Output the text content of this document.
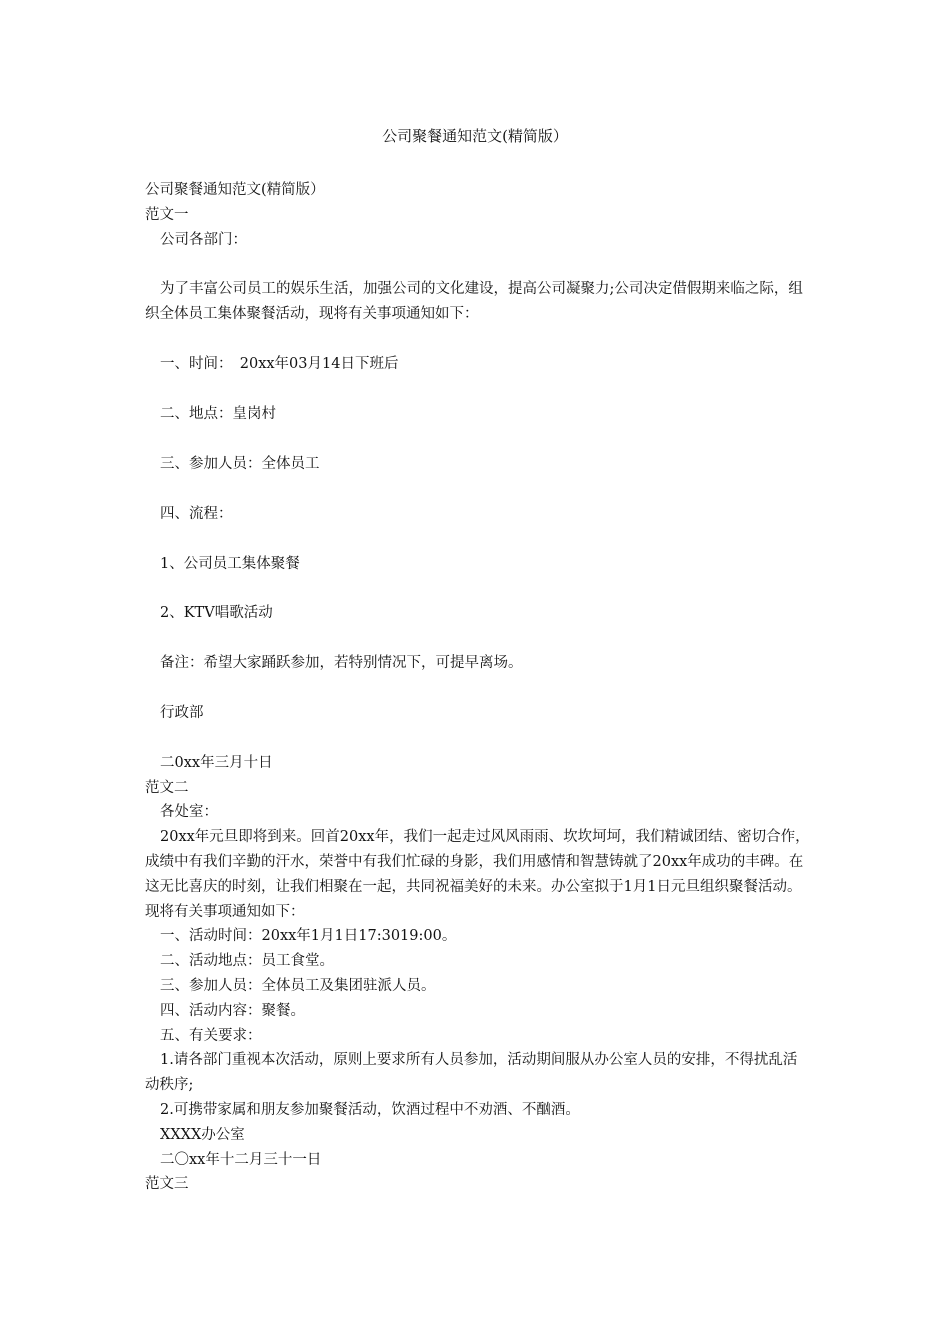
公司聚餐通知范文(精简版）
公司聚餐通知范文(精简版）
范文一
公司各部门：
为了丰富公司员工的娱乐生活，加强公司的文化建设，提高公司凝聚力;公司决定借假期来临之际，组织全体员工集体聚餐活动，现将有关事项通知如下：
一、时间：　20xx年03月14日下班后
二、地点：皇岗村
三、参加人员：全体员工
四、流程：
1、公司员工集体聚餐
2、KTV唱歌活动
备注：希望大家踊跃参加，若特别情况下，可提早离场。
行政部
二0xx年三月十日
范文二
各处室：
20xx年元旦即将到来。回首20xx年，我们一起走过风风雨雨、坎坎坷坷，我们精诚团结、密切合作，成绩中有我们辛勤的汗水，荣誉中有我们忙碌的身影，我们用感情和智慧铸就了20xx年成功的丰碑。在这无比喜庆的时刻，让我们相聚在一起，共同祝福美好的未来。办公室拟于1月1日元旦组织聚餐活动。现将有关事项通知如下：
一、活动时间：20xx年1月1日17:3019:00。
二、活动地点：员工食堂。
三、参加人员：全体员工及集团驻派人员。
四、活动内容：聚餐。
五、有关要求：
1.请各部门重视本次活动，原则上要求所有人员参加，活动期间服从办公室人员的安排，不得扰乱活动秩序;
2.可携带家属和朋友参加聚餐活动，饮酒过程中不劝酒、不酗酒。
XXXX办公室
二〇xx年十二月三十一日
范文三
